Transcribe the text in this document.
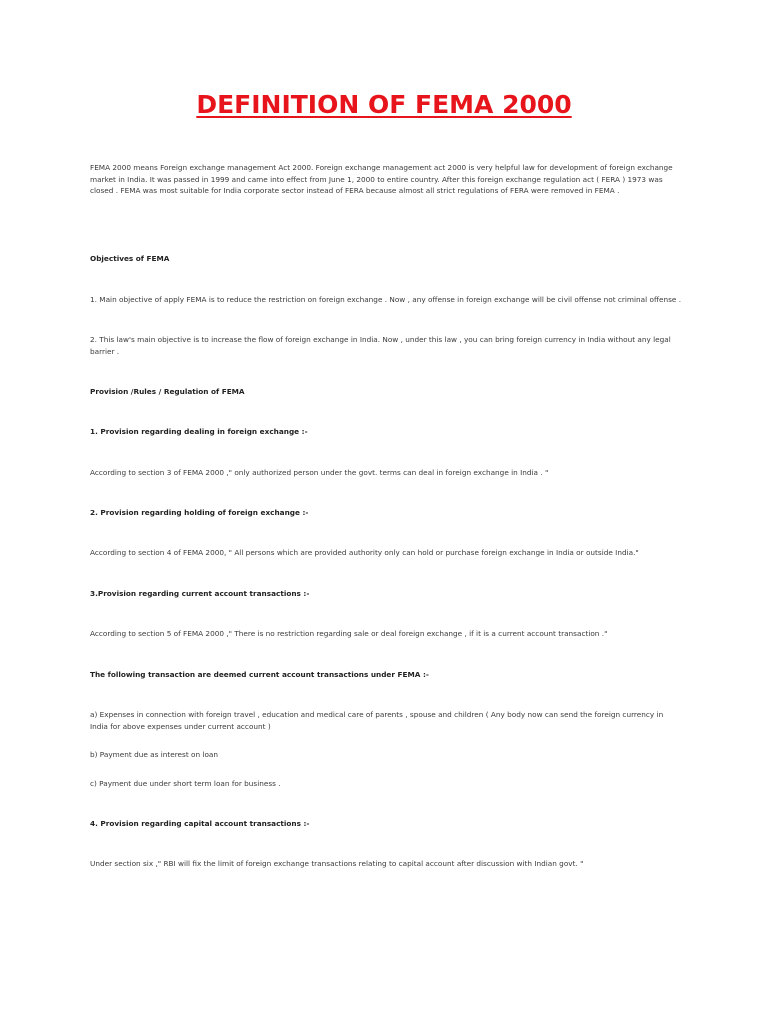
DEFINITION OF FEMA 2000

FEMA 2000 means Foreign exchange management Act 2000. Foreign exchange management act 2000 is very helpful law for development of foreign exchange market in India. It was passed in 1999 and came into effect from June 1, 2000 to entire country. After this foreign exchange regulation act ( FERA ) 1973 was closed . FEMA was most suitable for India corporate sector instead of FERA because almost all strict regulations of FERA were removed in FEMA .

Objectives of FEMA

1. Main objective of apply FEMA is to reduce the restriction on foreign exchange . Now , any offense in foreign exchange will be civil offense not criminal offense .

2. This law's main objective is to increase the flow of foreign exchange in India. Now , under this law , you can bring foreign currency in India without any legal barrier .

Provision /Rules / Regulation of FEMA

1. Provision regarding dealing in foreign exchange :-

According to section 3 of FEMA 2000 ," only authorized person under the govt. terms can deal in foreign exchange in India . "

2. Provision regarding holding of foreign exchange :-

According to section 4 of FEMA 2000, " All persons which are provided authority only can hold or purchase foreign exchange in India or outside India."

3.Provision regarding current account transactions :-

According to section 5 of FEMA 2000 ," There is no restriction regarding sale or deal foreign exchange , if it is a current account transaction ."

The following transaction are deemed current account transactions under FEMA :-

a) Expenses in connection with foreign travel , education and medical care of parents , spouse and children ( Any body now can send the foreign currency in India for above expenses under current account )

b) Payment due as interest on loan

c) Payment due under short term loan for business .

4. Provision regarding capital account transactions :-

Under section six ," RBI will fix the limit of foreign exchange transactions relating to capital account after discussion with Indian govt. "
